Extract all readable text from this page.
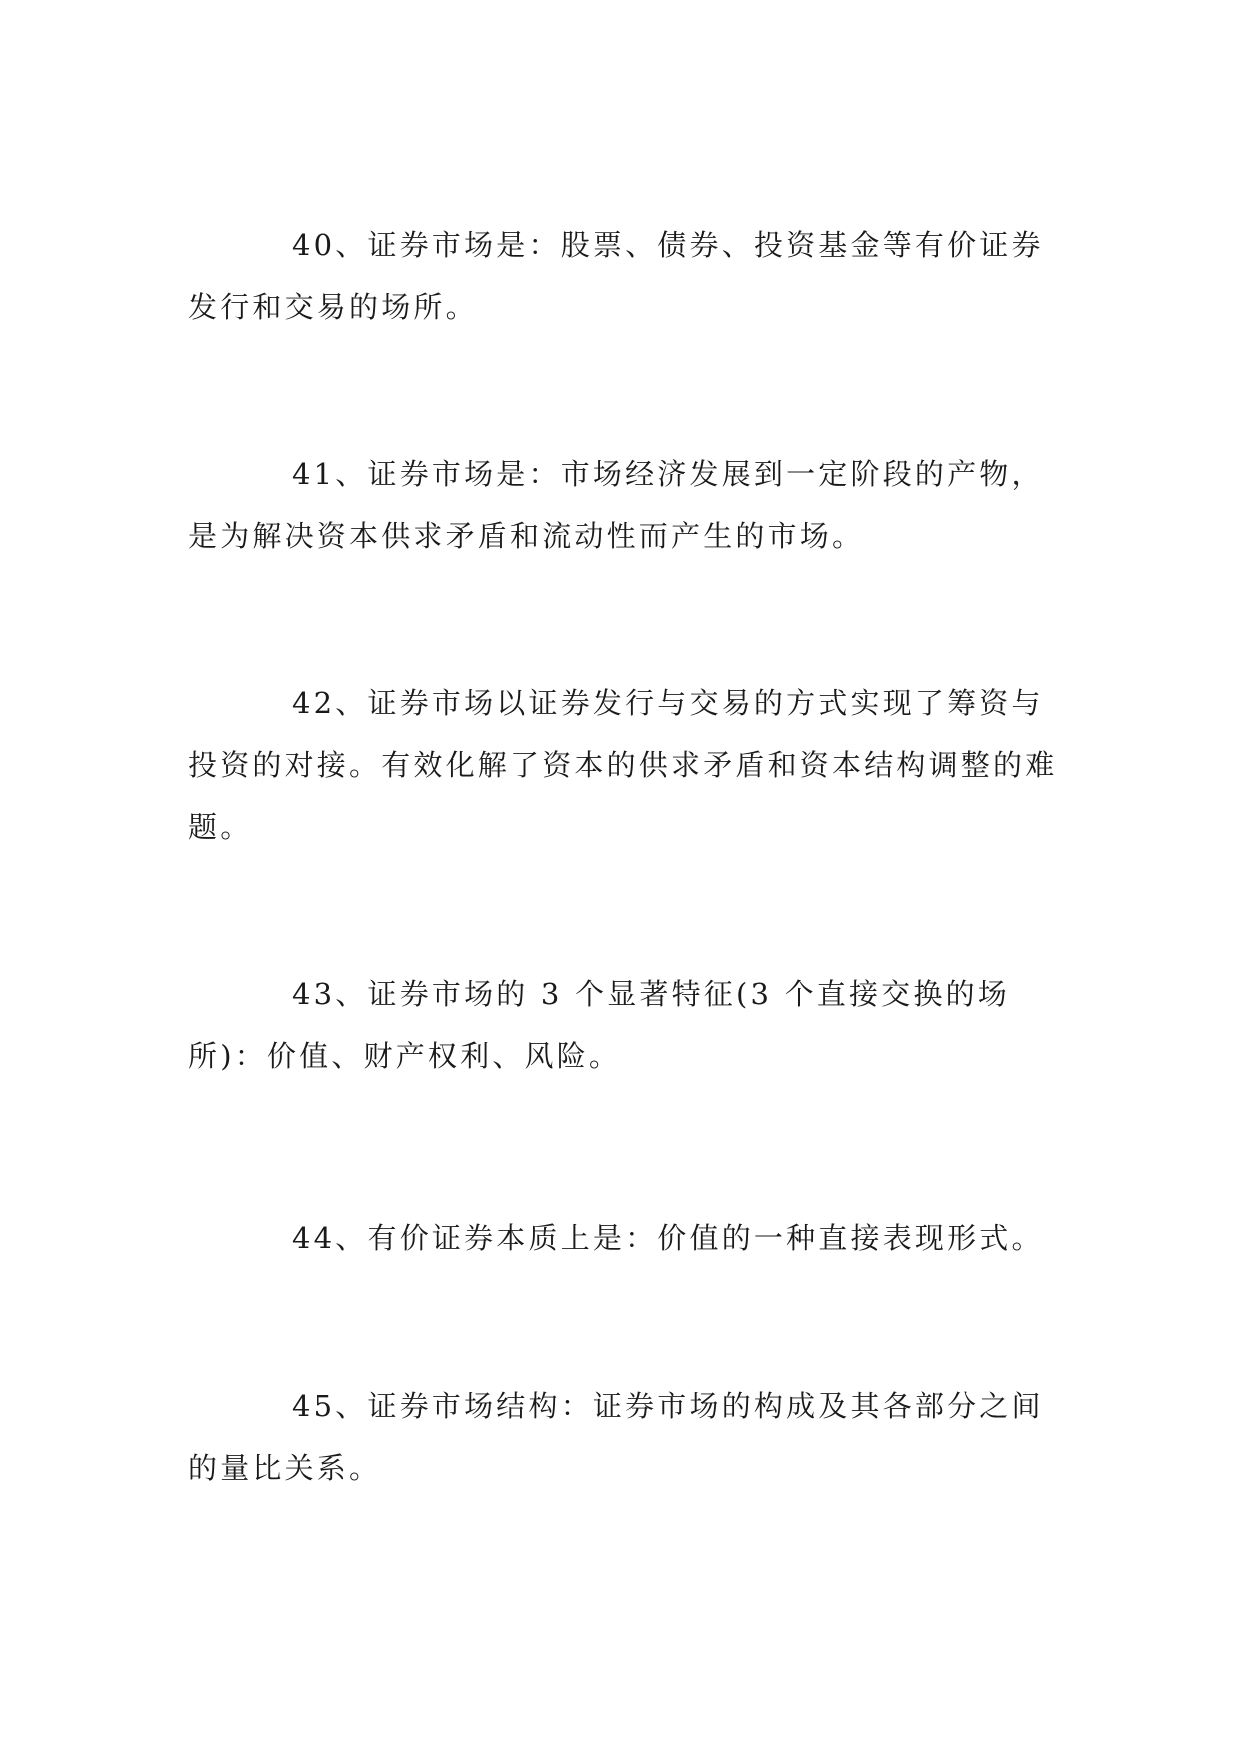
40、证券市场是：股票、债券、投资基金等有价证券发行和交易的场所。

41、证券市场是：市场经济发展到一定阶段的产物，是为解决资本供求矛盾和流动性而产生的市场。

42、证券市场以证券发行与交易的方式实现了筹资与投资的对接。有效化解了资本的供求矛盾和资本结构调整的难题。

43、证券市场的 3 个显著特征(3 个直接交换的场所)：价值、财产权利、风险。

44、有价证券本质上是：价值的一种直接表现形式。

45、证券市场结构：证券市场的构成及其各部分之间的量比关系。
